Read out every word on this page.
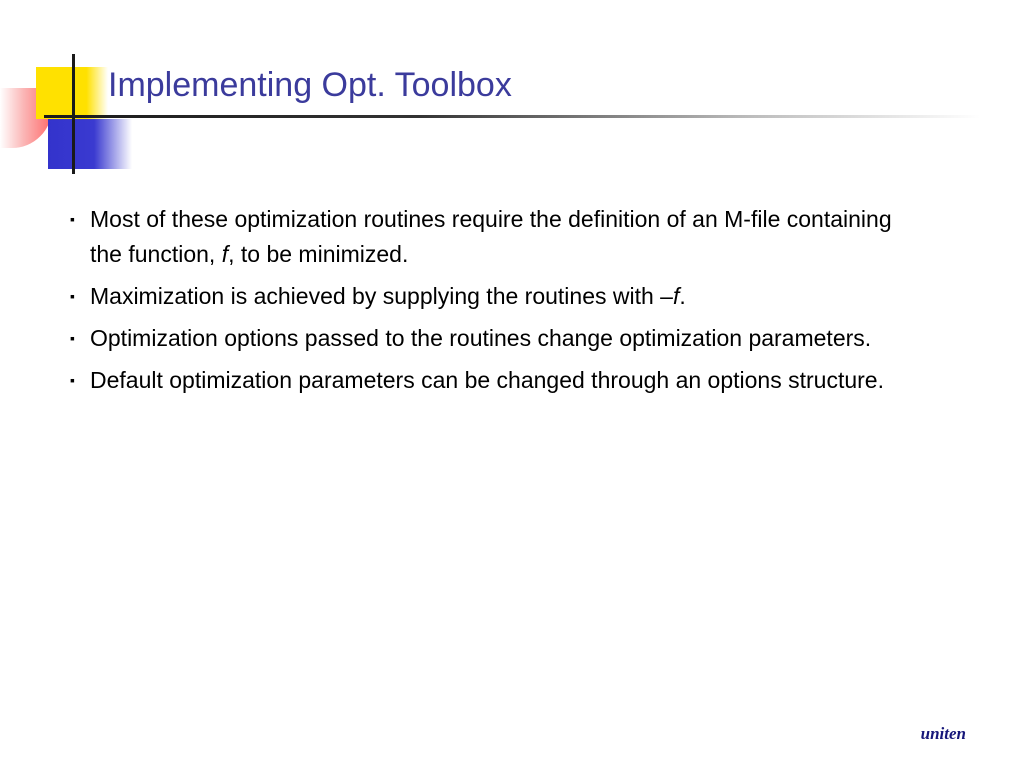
Implementing Opt. Toolbox
▪ Most of these optimization routines require the definition of an M-file containing the function, f, to be minimized.
▪ Maximization is achieved by supplying the routines with –f.
▪ Optimization options passed to the routines change optimization parameters.
▪ Default optimization parameters can be changed through an options structure.
uniten
